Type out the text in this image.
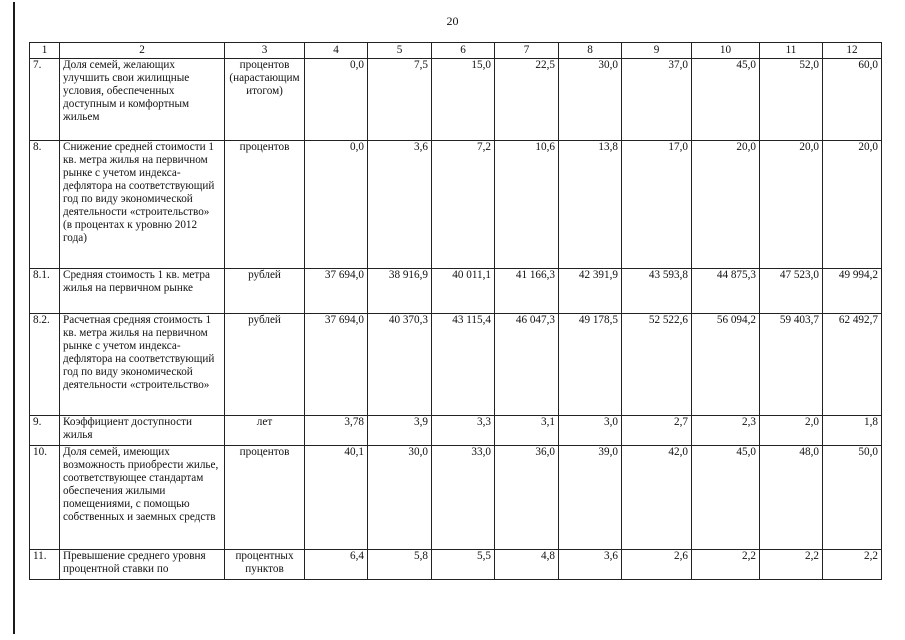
20
1	2	3	4	5	6	7	8	9	10	11	12
7.	Доля семей, желающих улучшить свои жилищные условия, обеспеченных доступным и комфортным жильем	процентов (нарастающим итогом)	0,0	7,5	15,0	22,5	30,0	37,0	45,0	52,0	60,0
8.	Снижение средней стоимости 1 кв. метра жилья на первичном рынке с учетом индекса-дефлятора на соответствующий год по виду экономической деятельности «строительство» (в процентах к уровню 2012 года)	процентов	0,0	3,6	7,2	10,6	13,8	17,0	20,0	20,0	20,0
8.1.	Средняя стоимость 1 кв. метра жилья на первичном рынке	рублей	37 694,0	38 916,9	40 011,1	41 166,3	42 391,9	43 593,8	44 875,3	47 523,0	49 994,2
8.2.	Расчетная средняя стоимость 1 кв. метра жилья на первичном рынке с учетом индекса-дефлятора на соответствующий год по виду экономической деятельности «строительство»	рублей	37 694,0	40 370,3	43 115,4	46 047,3	49 178,5	52 522,6	56 094,2	59 403,7	62 492,7
9.	Коэффициент доступности жилья	лет	3,78	3,9	3,3	3,1	3,0	2,7	2,3	2,0	1,8
10.	Доля семей, имеющих возможность приобрести жилье, соответствующее стандартам обеспечения жилыми помещениями, с помощью собственных и заемных средств	процентов	40,1	30,0	33,0	36,0	39,0	42,0	45,0	48,0	50,0
11.	Превышение среднего уровня процентной ставки по	процентных пунктов	6,4	5,8	5,5	4,8	3,6	2,6	2,2	2,2	2,2
